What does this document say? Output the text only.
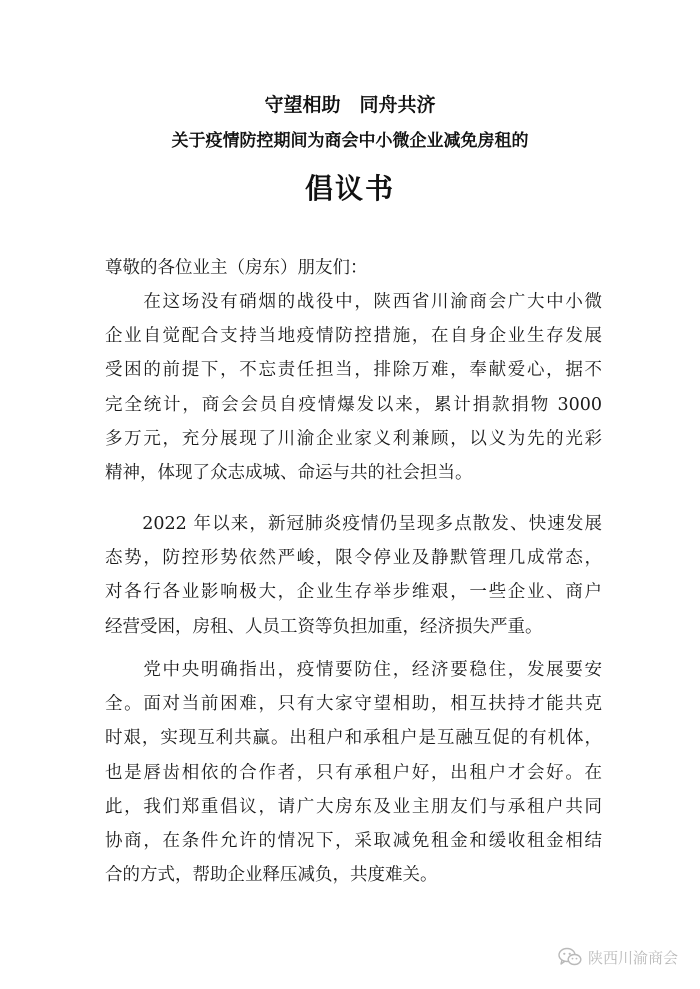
守望相助　同舟共济
关于疫情防控期间为商会中小微企业减免房租的
倡议书
尊敬的各位业主（房东）朋友们：
　　在这场没有硝烟的战役中，陕西省川渝商会广大中小微
企业自觉配合支持当地疫情防控措施，在自身企业生存发展
受困的前提下，不忘责任担当，排除万难，奉献爱心，据不
完全统计，商会会员自疫情爆发以来，累计捐款捐物 3000
多万元，充分展现了川渝企业家义利兼顾，以义为先的光彩
精神，体现了众志成城、命运与共的社会担当。
　　2022 年以来，新冠肺炎疫情仍呈现多点散发、快速发展
态势，防控形势依然严峻，限令停业及静默管理几成常态，
对各行各业影响极大，企业生存举步维艰，一些企业、商户
经营受困，房租、人员工资等负担加重，经济损失严重。
　　党中央明确指出，疫情要防住，经济要稳住，发展要安
全。面对当前困难，只有大家守望相助，相互扶持才能共克
时艰，实现互利共赢。出租户和承租户是互融互促的有机体，
也是唇齿相依的合作者，只有承租户好，出租户才会好。在
此，我们郑重倡议，请广大房东及业主朋友们与承租户共同
协商，在条件允许的情况下，采取减免租金和缓收租金相结
合的方式，帮助企业释压减负，共度难关。
陕西川渝商会
